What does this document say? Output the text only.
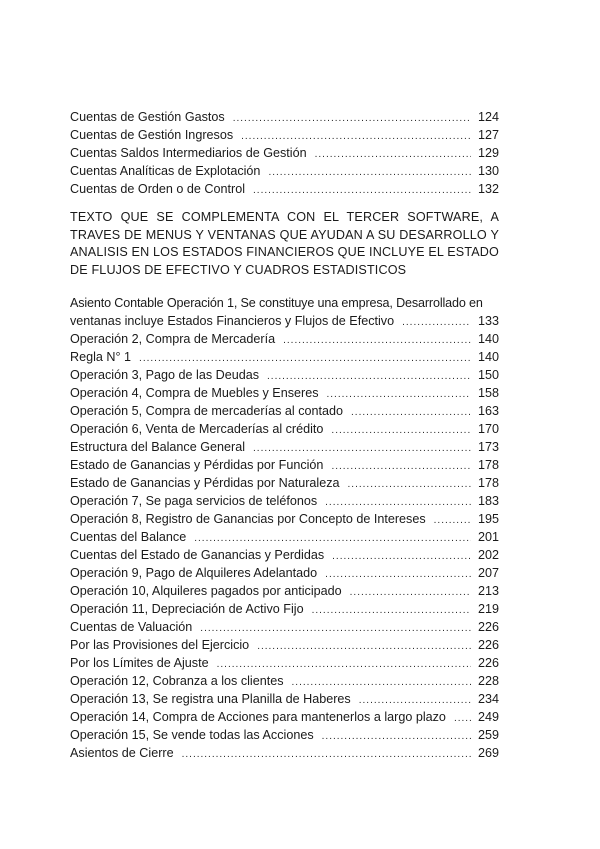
Cuentas de Gestión Gastos .....	124
Cuentas de Gestión Ingresos .....	127
Cuentas Saldos Intermediarios de Gestión .....	129
Cuentas Analíticas de Explotación .....	130
Cuentas de Orden o de Control .....	132
TEXTO QUE SE COMPLEMENTA CON EL TERCER SOFTWARE, A TRAVES DE MENUS Y VENTANAS QUE AYUDAN A SU DESARROLLO Y ANALISIS EN LOS ESTADOS FINANCIEROS QUE INCLUYE EL ESTADO DE FLUJOS DE EFECTIVO Y CUADROS ESTADISTICOS
Asiento Contable Operación 1, Se constituye una empresa, Desarrollado en
ventanas incluye Estados Financieros y Flujos de Efectivo .....	133
Operación 2, Compra de Mercadería .....	140
Regla N° 1 .....	140
Operación 3, Pago de las Deudas .....	150
Operación 4, Compra de Muebles y Enseres .....	158
Operación 5, Compra de mercaderías al contado .....	163
Operación 6, Venta de Mercaderías al crédito .....	170
Estructura del Balance General .....	173
Estado de Ganancias y Pérdidas por Función .....	178
Estado de Ganancias y Pérdidas por Naturaleza .....	178
Operación 7, Se paga servicios de teléfonos .....	183
Operación 8, Registro de Ganancias por Concepto de Intereses .....	195
Cuentas del Balance .....	201
Cuentas del Estado de Ganancias y Perdidas .....	202
Operación 9, Pago de Alquileres Adelantado .....	207
Operación 10, Alquileres pagados por anticipado .....	213
Operación 11, Depreciación de Activo Fijo .....	219
Cuentas de Valuación .....	226
Por las Provisiones del Ejercicio .....	226
Por los Límites de Ajuste .....	226
Operación 12, Cobranza a los clientes .....	228
Operación 13, Se registra una Planilla de Haberes .....	234
Operación 14, Compra de Acciones para mantenerlos a largo plazo .....	249
Operación 15, Se vende todas las Acciones .....	259
Asientos de Cierre .....	269
